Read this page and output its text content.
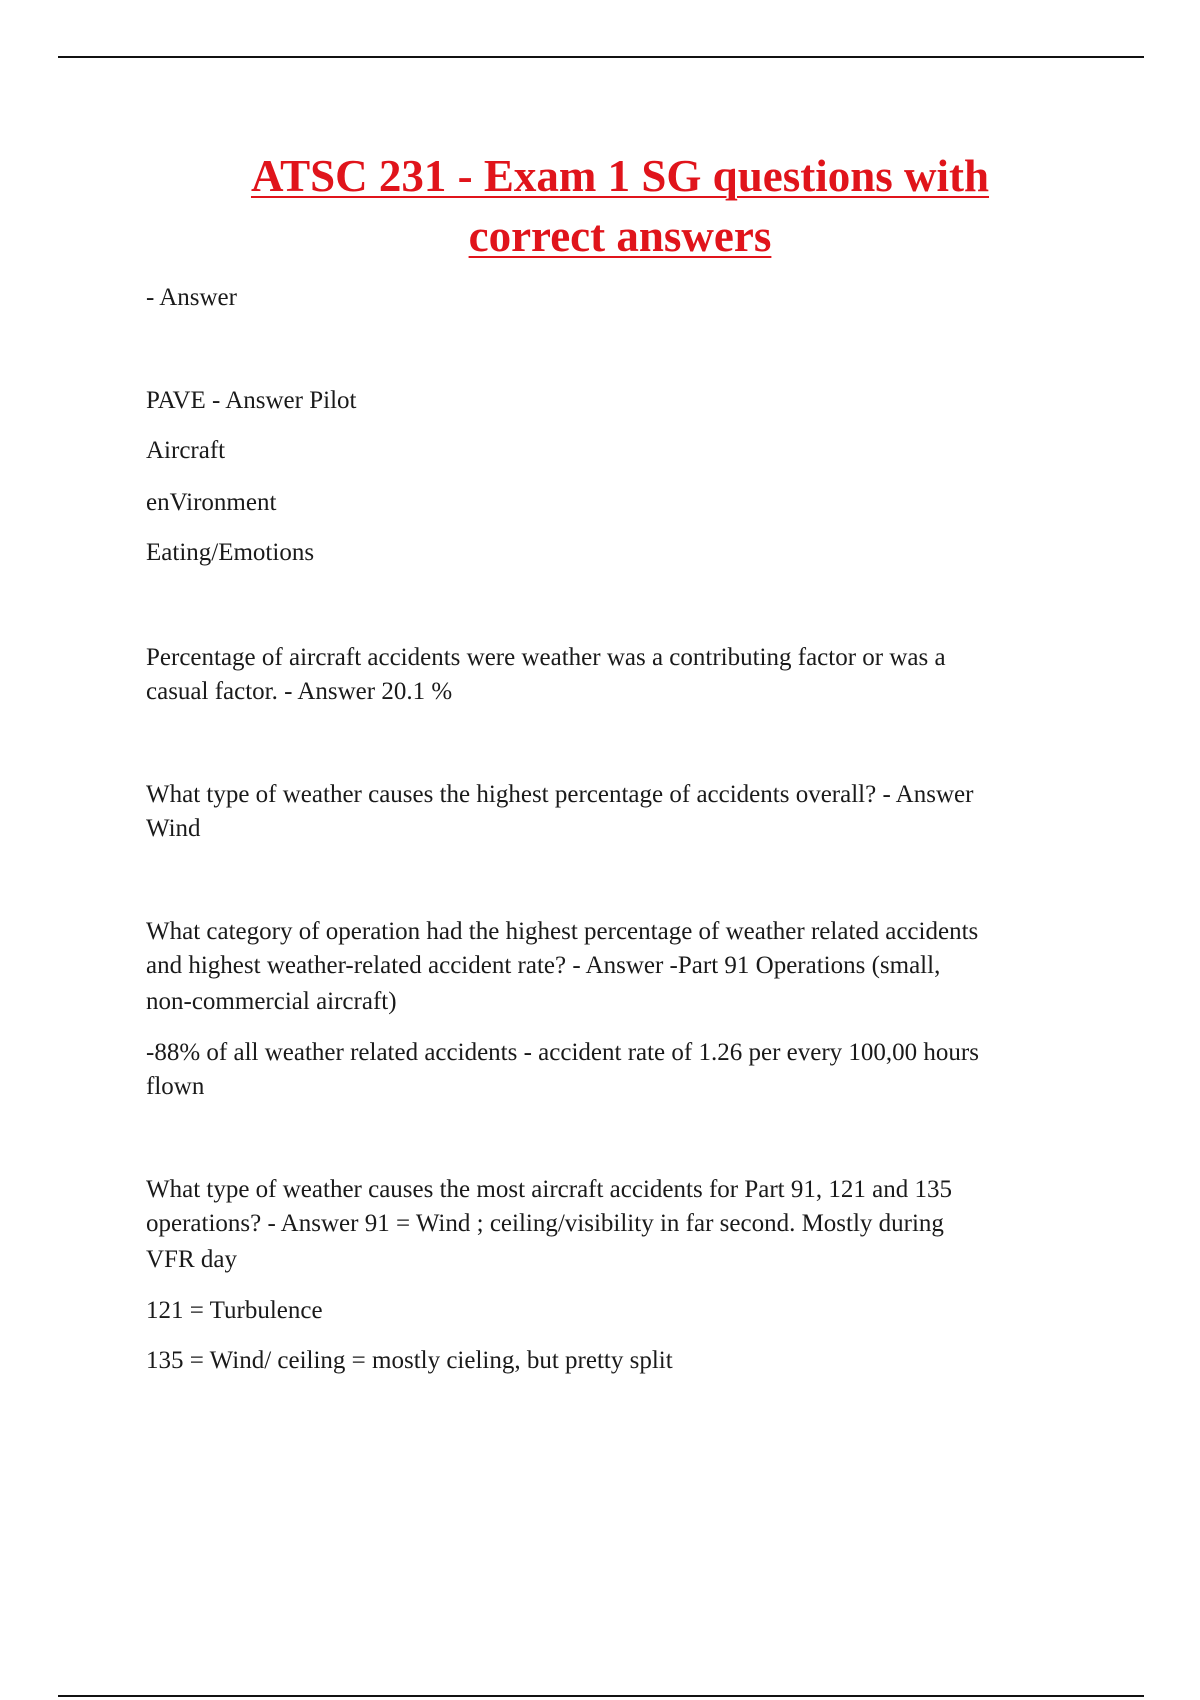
ATSC 231 - Exam 1 SG questions with
correct answers
- Answer
PAVE - Answer Pilot
Aircraft
enVironment
Eating/Emotions
Percentage of aircraft accidents were weather was a contributing factor or was a
casual factor. - Answer 20.1 %
What type of weather causes the highest percentage of accidents overall? - Answer
Wind
What category of operation had the highest percentage of weather related accidents
and highest weather-related accident rate? - Answer -Part 91 Operations (small,
non-commercial aircraft)
-88% of all weather related accidents - accident rate of 1.26 per every 100,00 hours
flown
What type of weather causes the most aircraft accidents for Part 91, 121 and 135
operations? - Answer 91 = Wind ; ceiling/visibility in far second. Mostly during
VFR day
121 = Turbulence
135 = Wind/ ceiling = mostly cieling, but pretty split
